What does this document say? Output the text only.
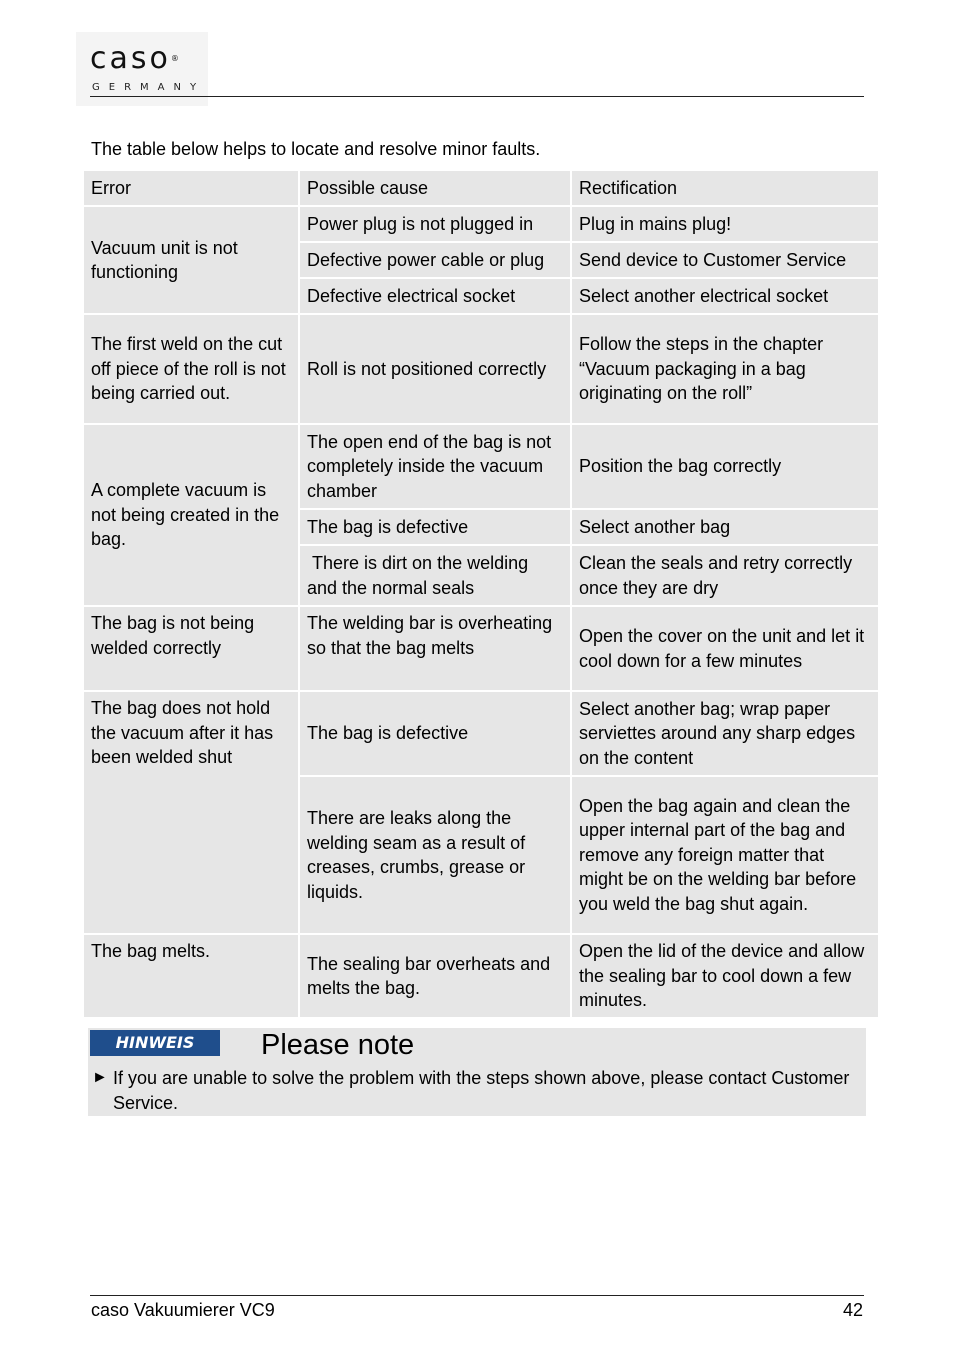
caso®
GERMANY
The table below helps to locate and resolve minor faults.
Error	Possible cause	Rectification
Vacuum unit is not functioning	Power plug is not plugged in	Plug in mains plug!
	Defective power cable or plug	Send device to Customer Service
	Defective electrical socket	Select another electrical socket
The first weld on the cut off piece of the roll is not being carried out.	Roll is not positioned correctly	Follow the steps in the chapter “Vacuum packaging in a bag originating on the roll”
A complete vacuum is not being created in the bag.	The open end of the bag is not completely inside the vacuum chamber	Position the bag correctly
	The bag is defective	Select another bag
	There is dirt on the welding and the normal seals	Clean the seals and retry correctly once they are dry
The bag is not being welded correctly	The welding bar is overheating so that the bag melts	Open the cover on the unit and let it cool down for a few minutes
The bag does not hold the vacuum after it has been welded shut	The bag is defective	Select another bag; wrap paper serviettes around any sharp edges on the content
	There are leaks along the welding seam as a result of creases, crumbs, grease or liquids.	Open the bag again and clean the upper internal part of the bag and remove any foreign matter that might be on the welding bar before you weld the bag shut again.
The bag melts.	The sealing bar overheats and melts the bag.	Open the lid of the device and allow the sealing bar to cool down a few minutes.
HINWEIS	Please note
► If you are unable to solve the problem with the steps shown above, please contact Customer Service.
caso Vakuumierer VC9	42
